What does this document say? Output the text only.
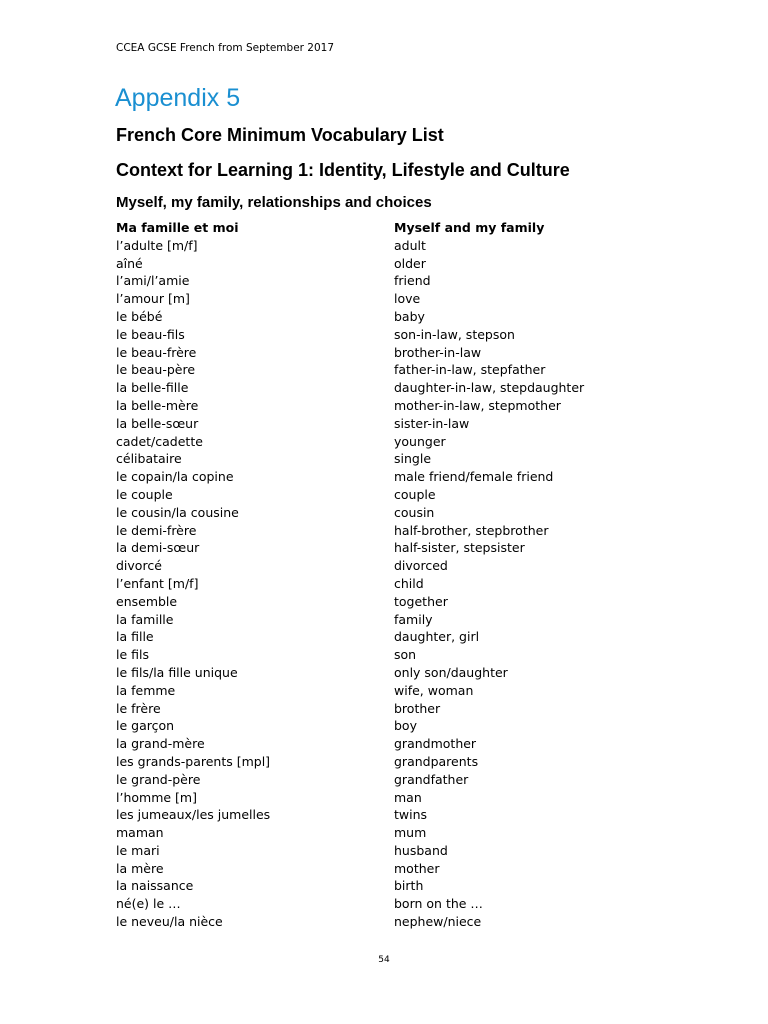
CCEA GCSE French from September 2017
Appendix 5
French Core Minimum Vocabulary List
Context for Learning 1: Identity, Lifestyle and Culture
Myself, my family, relationships and choices
Ma famille et moi	Myself and my family
l’adulte [m/f]	adult
aîné	older
l’ami/l’amie	friend
l’amour [m]	love
le bébé	baby
le beau-fils	son-in-law, stepson
le beau-frère	brother-in-law
le beau-père	father-in-law, stepfather
la belle-fille	daughter-in-law, stepdaughter
la belle-mère	mother-in-law, stepmother
la belle-sœur	sister-in-law
cadet/cadette	younger
célibataire	single
le copain/la copine	male friend/female friend
le couple	couple
le cousin/la cousine	cousin
le demi-frère	half-brother, stepbrother
la demi-sœur	half-sister, stepsister
divorcé	divorced
l’enfant [m/f]	child
ensemble	together
la famille	family
la fille	daughter, girl
le fils	son
le fils/la fille unique	only son/daughter
la femme	wife, woman
le frère	brother
le garçon	boy
la grand-mère	grandmother
les grands-parents [mpl]	grandparents
le grand-père	grandfather
l’homme [m]	man
les jumeaux/les jumelles	twins
maman	mum
le mari	husband
la mère	mother
la naissance	birth
né(e) le …	born on the …
le neveu/la nièce	nephew/niece
54
